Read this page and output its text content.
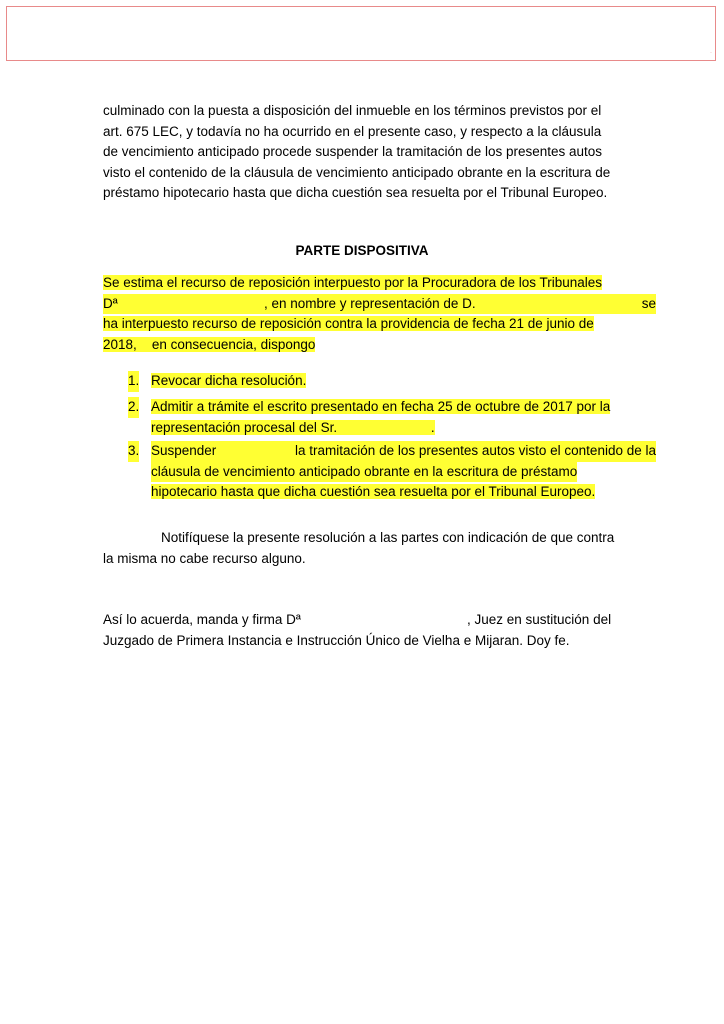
·
culminado con la puesta a disposición del inmueble en los términos previstos por el
art. 675 LEC, y todavía no ha ocurrido en el presente caso, y respecto a la cláusula
de vencimiento anticipado procede suspender la tramitación de los presentes autos
visto el contenido de la cláusula de vencimiento anticipado obrante en la escritura de
préstamo hipotecario hasta que dicha cuestión sea resuelta por el Tribunal Europeo.
PARTE DISPOSITIVA
Se estima el recurso de reposición interpuesto por la Procuradora de los Tribunales

Dª	, en nombre y representación de D.	se
ha interpuesto recurso de reposición contra la providencia de fecha 21 de junio de
2018, en consecuencia, dispongo
1. Revocar dicha resolución.
2. Admitir a trámite el escrito presentado en fecha 25 de octubre de 2017 por la
representación procesal del Sr.	.
3. Suspender	la tramitación de los presentes autos visto el contenido de la
cláusula de vencimiento anticipado obrante en la escritura de préstamo
hipotecario hasta que dicha cuestión sea resuelta por el Tribunal Europeo.
Notifíquese la presente resolución a las partes con indicación de que contra
la misma no cabe recurso alguno.
Así lo acuerda, manda y firma Dª	, Juez en sustitución del
Juzgado de Primera Instancia e Instrucción Único de Vielha e Mijaran. Doy fe.
